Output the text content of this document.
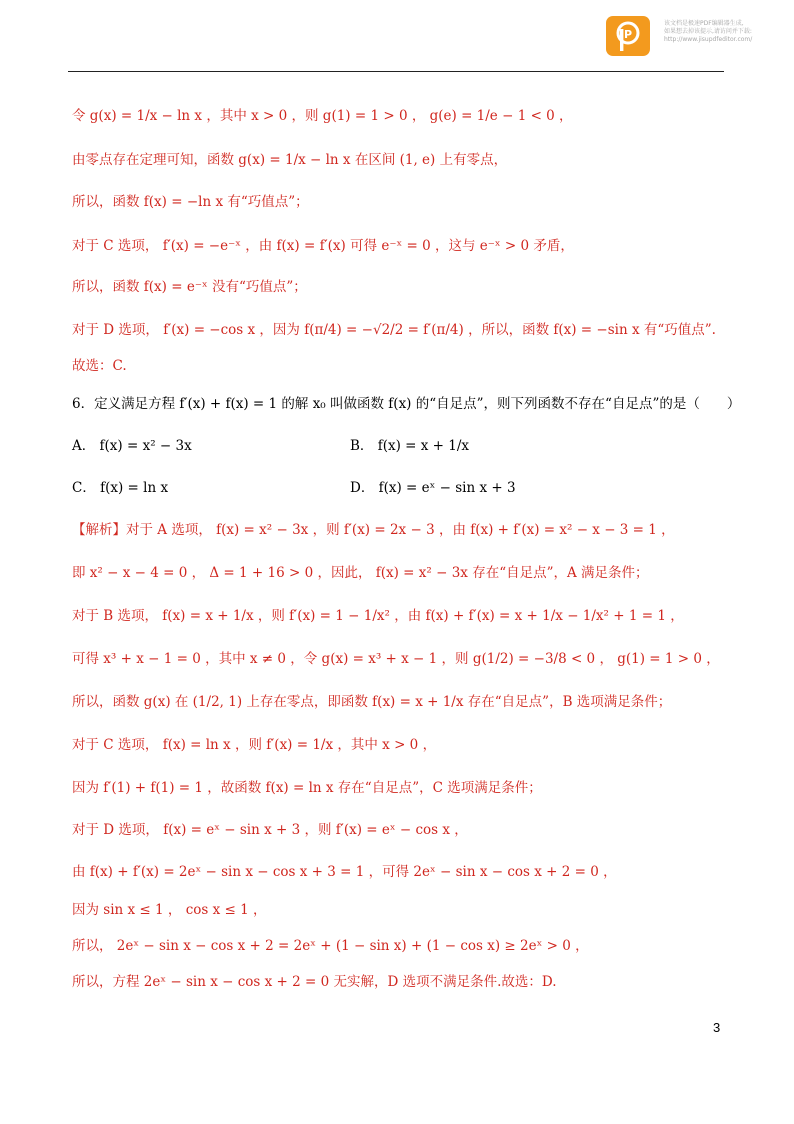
P
该文档是极速PDF编辑器生成,
如果想去掉该提示,请访问并下载:
http://www.jisupdfeditor.com/
令 g(x) = 1/x − ln x ，其中 x > 0 ，则 g(1) = 1 > 0 ， g(e) = 1/e − 1 < 0 ，
由零点存在定理可知，函数 g(x) = 1/x − ln x 在区间 (1, e) 上有零点，
所以，函数 f(x) = −ln x 有“巧值点”；
对于 C 选项， f′(x) = −e⁻ˣ ，由 f(x) = f′(x) 可得 e⁻ˣ = 0 ，这与 e⁻ˣ > 0 矛盾，
所以，函数 f(x) = e⁻ˣ 没有“巧值点”；
对于 D 选项， f′(x) = −cos x ，因为 f(π/4) = −√2/2 = f′(π/4) ，所以，函数 f(x) = −sin x 有“巧值点”.
故选：C.
6．定义满足方程 f′(x) + f(x) = 1 的解 x₀ 叫做函数 f(x) 的“自足点”，则下列函数不存在“自足点”的是（　　）
A． f(x) = x² − 3x	B． f(x) = x + 1/x
C． f(x) = ln x	D． f(x) = eˣ − sin x + 3
【解析】对于 A 选项， f(x) = x² − 3x ，则 f′(x) = 2x − 3 ，由 f(x) + f′(x) = x² − x − 3 = 1 ，
即 x² − x − 4 = 0 ， Δ = 1 + 16 > 0 ，因此， f(x) = x² − 3x 存在“自足点”，A 满足条件；
对于 B 选项， f(x) = x + 1/x ，则 f′(x) = 1 − 1/x² ，由 f(x) + f′(x) = x + 1/x − 1/x² + 1 = 1 ，
可得 x³ + x − 1 = 0 ，其中 x ≠ 0 ，令 g(x) = x³ + x − 1 ，则 g(1/2) = −3/8 < 0 ， g(1) = 1 > 0 ，
所以，函数 g(x) 在 (1/2, 1) 上存在零点，即函数 f(x) = x + 1/x 存在“自足点”，B 选项满足条件；
对于 C 选项， f(x) = ln x ，则 f′(x) = 1/x ，其中 x > 0 ，
因为 f′(1) + f(1) = 1 ，故函数 f(x) = ln x 存在“自足点”，C 选项满足条件；
对于 D 选项， f(x) = eˣ − sin x + 3 ，则 f′(x) = eˣ − cos x ，
由 f(x) + f′(x) = 2eˣ − sin x − cos x + 3 = 1 ，可得 2eˣ − sin x − cos x + 2 = 0 ，
因为 sin x ≤ 1 ， cos x ≤ 1 ，
所以， 2eˣ − sin x − cos x + 2 = 2eˣ + (1 − sin x) + (1 − cos x) ≥ 2eˣ > 0 ，
所以，方程 2eˣ − sin x − cos x + 2 = 0 无实解，D 选项不满足条件.故选：D.
3
